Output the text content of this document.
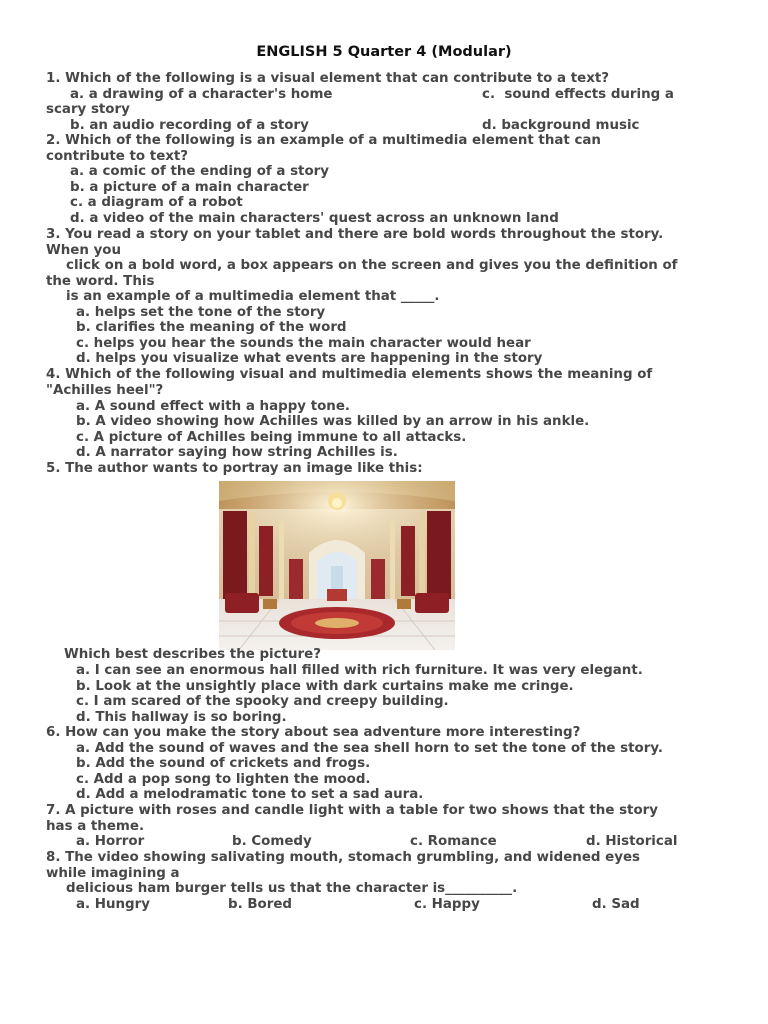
ENGLISH 5 Quarter 4 (Modular)
1. Which of the following is a visual element that can contribute to a text?
a. a drawing of a character's home	c.  sound effects during a
scary story
b. an audio recording of a story	d. background music
2. Which of the following is an example of a multimedia element that can
contribute to text?
a. a comic of the ending of a story
b. a picture of a main character
c. a diagram of a robot
d. a video of the main characters' quest across an unknown land
3. You read a story on your tablet and there are bold words throughout the story.
When you
click on a bold word, a box appears on the screen and gives you the definition of
the word. This
is an example of a multimedia element that _____.
a. helps set the tone of the story
b. clarifies the meaning of the word
c. helps you hear the sounds the main character would hear
d. helps you visualize what events are happening in the story
4. Which of the following visual and multimedia elements shows the meaning of
"Achilles heel"?
a. A sound effect with a happy tone.
b. A video showing how Achilles was killed by an arrow in his ankle.
c. A picture of Achilles being immune to all attacks.
d. A narrator saying how string Achilles is.
5. The author wants to portray an image like this:
Which best describes the picture?
a. I can see an enormous hall filled with rich furniture. It was very elegant.
b. Look at the unsightly place with dark curtains make me cringe.
c. I am scared of the spooky and creepy building.
d. This hallway is so boring.
6. How can you make the story about sea adventure more interesting?
a. Add the sound of waves and the sea shell horn to set the tone of the story.
b. Add the sound of crickets and frogs.
c. Add a pop song to lighten the mood.
d. Add a melodramatic tone to set a sad aura.
7. A picture with roses and candle light with a table for two shows that the story
has a theme.
a. Horror	b. Comedy	c. Romance	d. Historical
8. The video showing salivating mouth, stomach grumbling, and widened eyes
while imagining a
delicious ham burger tells us that the character is__________.
a. Hungry	b. Bored	c. Happy	d. Sad
